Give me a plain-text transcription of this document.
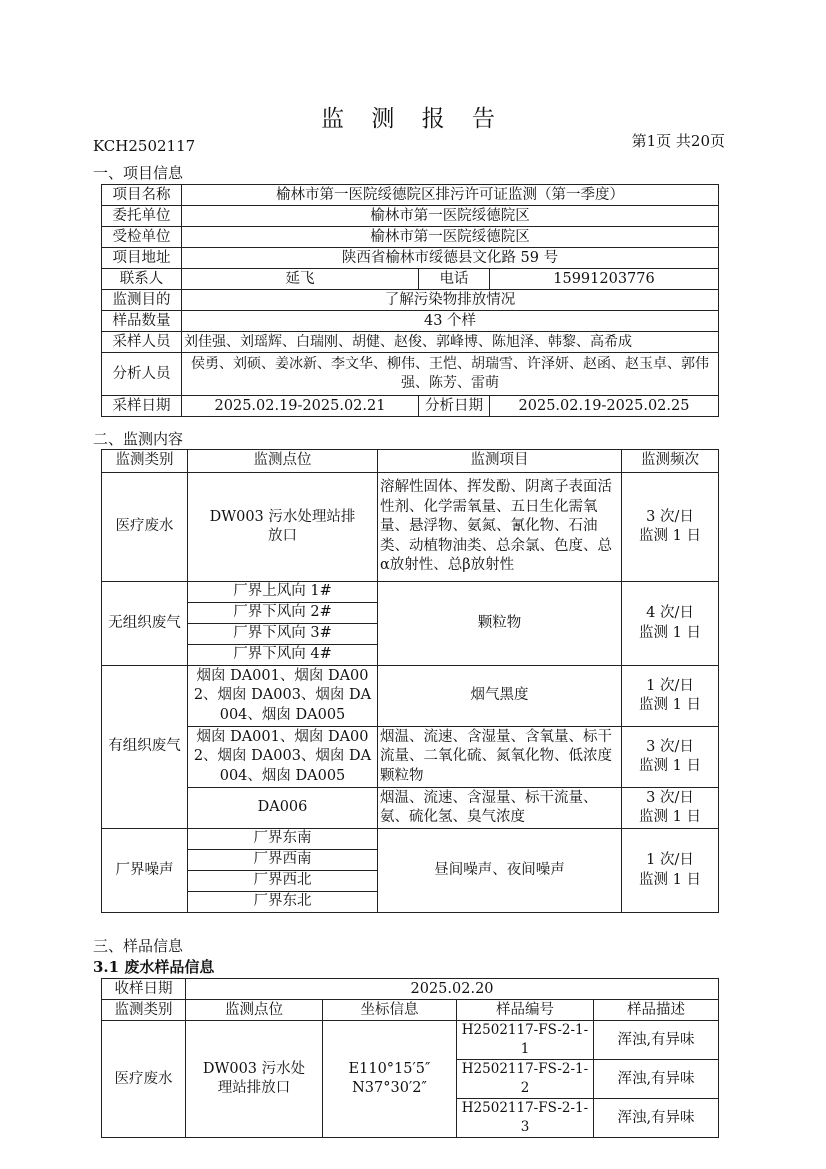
监 测 报 告
KCH2502117	第1页 共20页
一、项目信息
项目名称	榆林市第一医院绥德院区排污许可证监测（第一季度）		
委托单位	榆林市第一医院绥德院区		
受检单位	榆林市第一医院绥德院区		
项目地址	陕西省榆林市绥德县文化路 59 号		
联系人	延飞	电话	15991203776
监测目的	了解污染物排放情况		
样品数量	43 个样		
采样人员	刘佳强、刘瑶辉、白瑞刚、胡健、赵俊、郭峰博、陈旭泽、韩黎、高希成		
分析人员	侯勇、刘硕、姜冰新、李文华、柳伟、王恺、胡瑞雪、许泽妍、赵函、赵玉卓、郭伟强、陈芳、雷萌		
采样日期	2025.02.19-2025.02.21	分析日期	2025.02.19-2025.02.25
二、监测内容
监测类别	监测点位	监测项目	监测频次
医疗废水	DW003 污水处理站排放口	溶解性固体、挥发酚、阴离子表面活性剂、化学需氧量、五日生化需氧量、悬浮物、氨氮、氰化物、石油类、动植物油类、总余氯、色度、总α放射性、总β放射性	3 次/日
监测 1 日

无组织废气	厂界上风向 1#	颗粒物	4 次/日
监测 1 日

	厂界下风向 2#		
	厂界下风向 3#		
	厂界下风向 4#		
有组织废气	烟囱 DA001、烟囱 DA002、烟囱 DA003、烟囱 DA004、烟囱 DA005	烟气黑度	1 次/日
监测 1 日

	烟囱 DA001、烟囱 DA002、烟囱 DA003、烟囱 DA004、烟囱 DA005	烟温、流速、含湿量、含氧量、标干流量、二氧化硫、氮氧化物、低浓度颗粒物	3 次/日
监测 1 日

	DA006	烟温、流速、含湿量、标干流量、氨、硫化氢、臭气浓度	3 次/日
监测 1 日

厂界噪声	厂界东南	昼间噪声、夜间噪声	1 次/日
监测 1 日

	厂界西南		
	厂界西北		
	厂界东北		
三、样品信息
3.1 废水样品信息
收样日期	2025.02.20			
监测类别	监测点位	坐标信息	样品编号	样品描述
医疗废水	DW003 污水处理站排放口	E110°15′5″
N37°30′2″	H2502117-FS-2-1-1	浑浊,有异味
			H2502117-FS-2-1-2	浑浊,有异味
			H2502117-FS-2-1-3	浑浊,有异味
